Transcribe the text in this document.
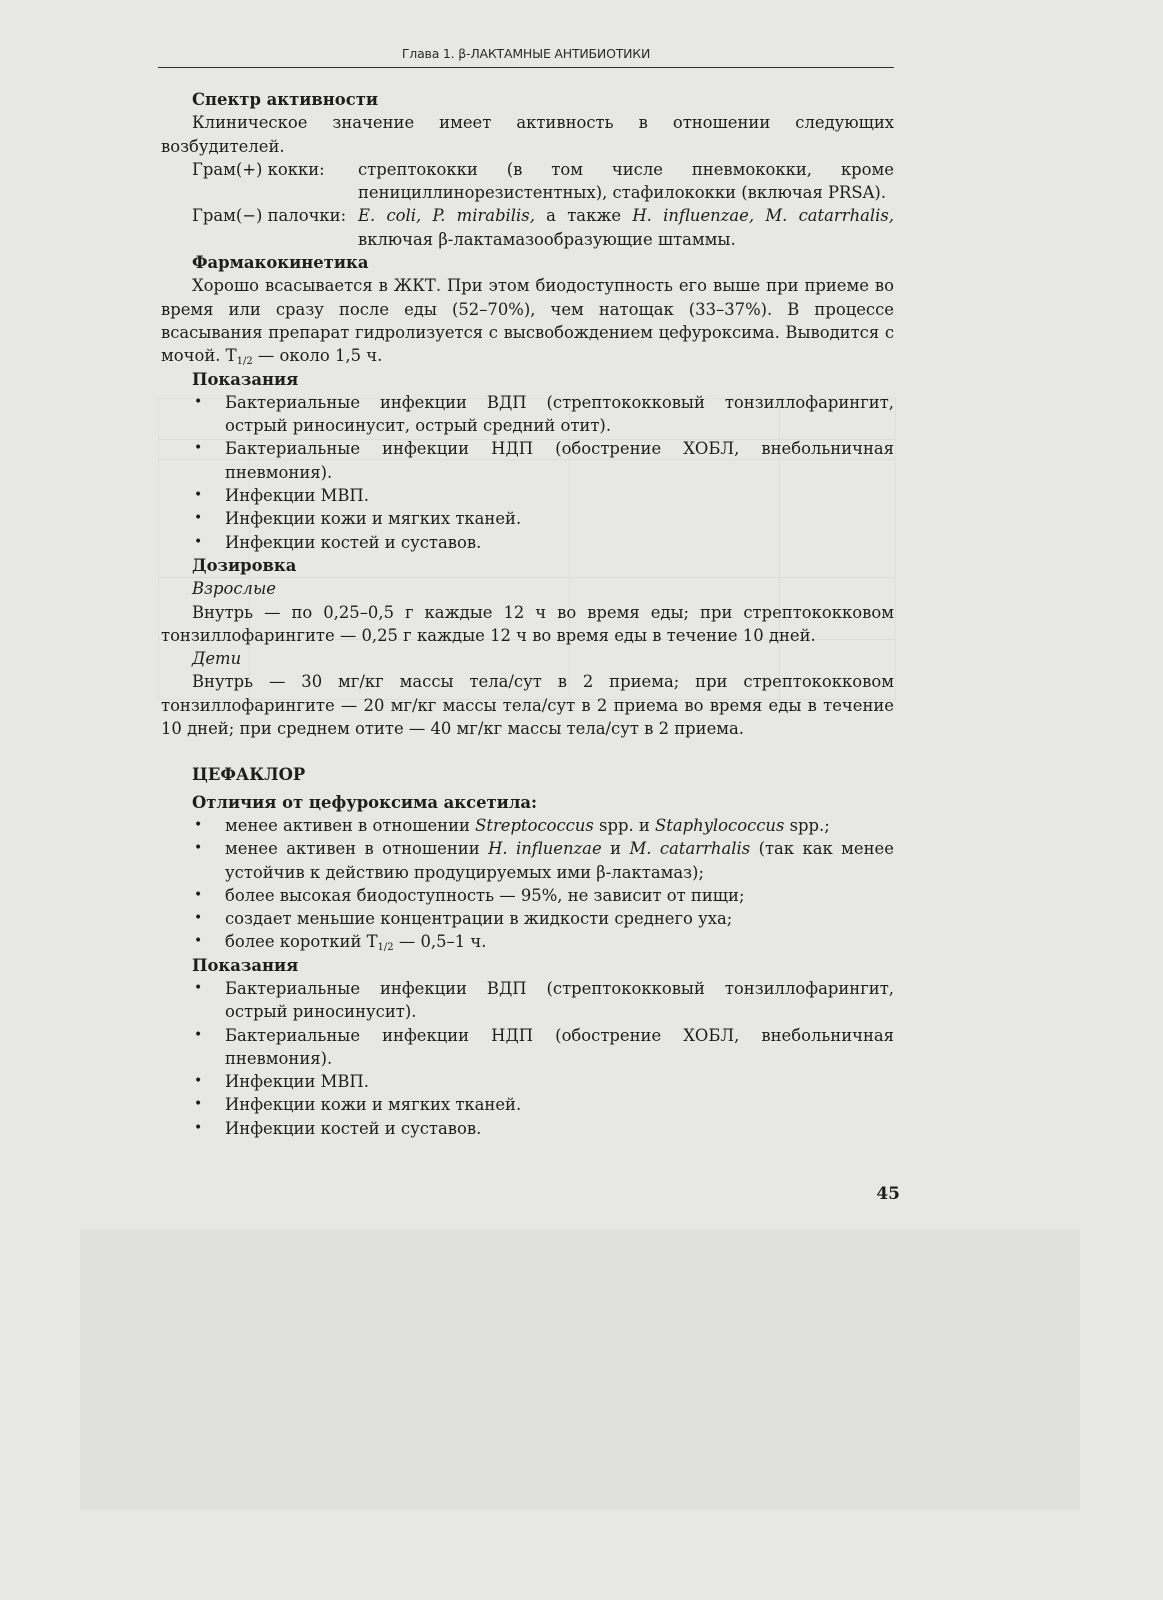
Глава 1. β-ЛАКТАМНЫЕ АНТИБИОТИКИ
Спектр активности

Клиническое значение имеет активность в отношении следующих возбудителей.

Грам(+) кокки:	стрептококки (в том числе пневмококки, кроме пенициллинорезистентных), стафилококки (включая PRSA).
Грам(−) палочки: E. coli, P. mirabilis, а также H. influenzae, M. catarrhalis, включая β-лактамазообразующие штаммы.
Фармакокинетика

Хорошо всасывается в ЖКТ. При этом биодоступность его выше при приеме во время или сразу после еды (52–70%), чем натощак (33–37%). В процессе всасывания препарат гидролизуется с высвобождением цефуроксима. Выводится с мочой. $T_{1/2}$ — около 1,5 ч.

Показания
• Бактериальные инфекции ВДП (стрептококковый тонзиллофарингит, острый риносинусит, острый средний отит).
• Бактериальные инфекции НДП (обострение ХОБЛ, внебольничная пневмония).
• Инфекции МВП.
• Инфекции кожи и мягких тканей.
• Инфекции костей и суставов.
Дозировка
Взрослые

Внутрь — по 0,25–0,5 г каждые 12 ч во время еды; при стрептококковом тонзиллофарингите — 0,25 г каждые 12 ч во время еды в течение 10 дней.

Дети

Внутрь — 30 мг/кг массы тела/сут в 2 приема; при стрептококковом тонзиллофарингите — 20 мг/кг массы тела/сут в 2 приема во время еды в течение 10 дней; при среднем отите — 40 мг/кг массы тела/сут в 2 приема.

ЦЕФАКЛОР
Отличия от цефуроксима аксетила:
• менее активен в отношении Streptococcus spp. и Staphylococcus spp.;
• менее активен в отношении H. influenzae и M. catarrhalis (так как менее устойчив к действию продуцируемых ими β-лактамаз);
• более высокая биодоступность — 95%, не зависит от пищи;
• создает меньшие концентрации в жидкости среднего уха;
• более короткий $T_{1/2}$ — 0,5–1 ч.
Показания
• Бактериальные инфекции ВДП (стрептококковый тонзиллофарингит, острый риносинусит).
• Бактериальные инфекции НДП (обострение ХОБЛ, внебольничная пневмония).
• Инфекции МВП.
• Инфекции кожи и мягких тканей.
• Инфекции костей и суставов.
45
